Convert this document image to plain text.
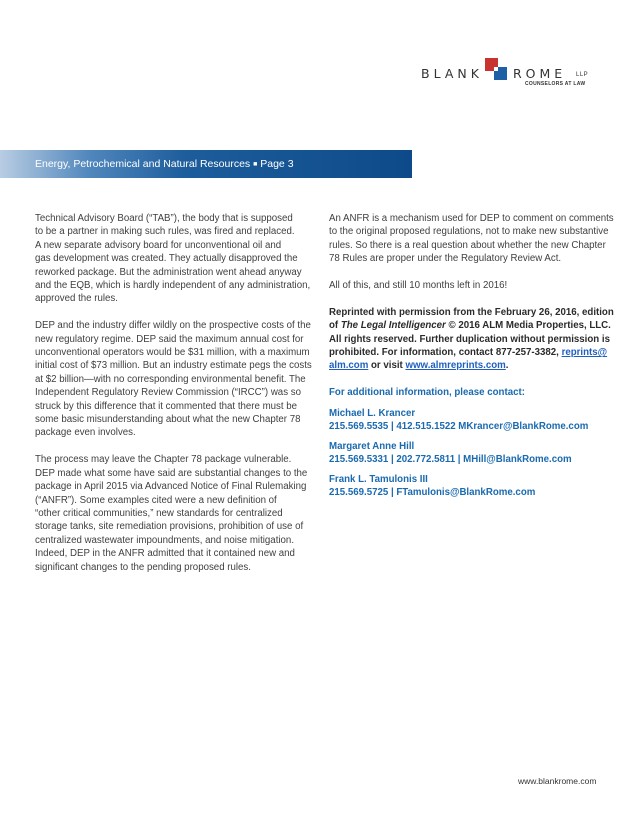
BLANK ROME LLP
COUNSELORS AT LAW
Energy, Petrochemical and Natural Resources ■ Page 3

Technical Advisory Board (“TAB”), the body that is supposed
to be a partner in making such rules, was fired and replaced.
A new separate advisory board for unconventional oil and
gas development was created. They actually disapproved the
reworked package. But the administration went ahead anyway
and the EQB, which is hardly independent of any administration,
approved the rules.

DEP and the industry differ wildly on the prospective costs of the
new regulatory regime. DEP said the maximum annual cost for
unconventional operators would be $31 million, with a maximum
initial cost of $73 million. But an industry estimate pegs the costs
at $2 billion—with no corresponding environmental benefit. The
Independent Regulatory Review Commission (“IRCC”) was so
struck by this difference that it commented that there must be
some basic misunderstanding about what the new Chapter 78
package even involves.

The process may leave the Chapter 78 package vulnerable.
DEP made what some have said are substantial changes to the
package in April 2015 via Advanced Notice of Final Rulemaking
(“ANFR”). Some examples cited were a new definition of
“other critical communities,” new standards for centralized
storage tanks, site remediation provisions, prohibition of use of
centralized wastewater impoundments, and noise mitigation.
Indeed, DEP in the ANFR admitted that it contained new and
significant changes to the pending proposed rules.

An ANFR is a mechanism used for DEP to comment on comments
to the original proposed regulations, not to make new substantive
rules. So there is a real question about whether the new Chapter
78 Rules are proper under the Regulatory Review Act.

All of this, and still 10 months left in 2016!

Reprinted with permission from the February 26, 2016, edition
of The Legal Intelligencer © 2016 ALM Media Properties, LLC.
All rights reserved. Further duplication without permission is
prohibited. For information, contact 877-257-3382, reprints@
alm.com or visit www.almreprints.com.

For additional information, please contact:
Michael L. Krancer
215.569.5535 | 412.515.1522 MKrancer@BlankRome.com
Margaret Anne Hill
215.569.5331 | 202.772.5811 | MHill@BlankRome.com
Frank L. Tamulonis III
215.569.5725 | FTamulonis@BlankRome.com
www.blankrome.com
